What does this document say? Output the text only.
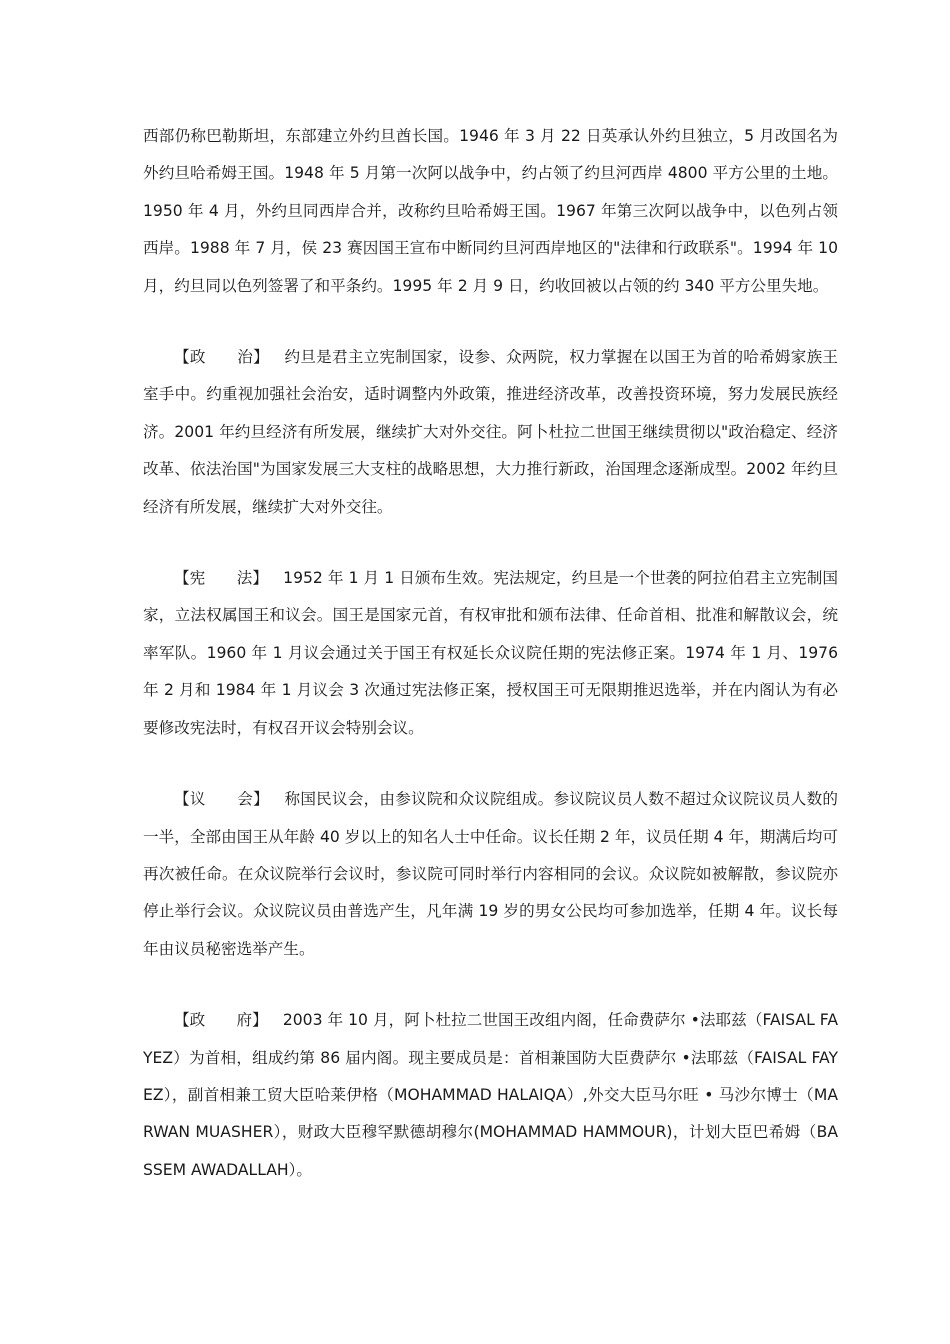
西部仍称巴勒斯坦，东部建立外约旦酋长国。1946 年 3 月 22 日英承认外约旦独立，5 月改国名为外约旦哈希姆王国。1948 年 5 月第一次阿以战争中，约占领了约旦河西岸 4800 平方公里的土地。1950 年 4 月，外约旦同西岸合并，改称约旦哈希姆王国。1967 年第三次阿以战争中，以色列占领西岸。1988 年 7 月，侯 23 赛因国王宣布中断同约旦河西岸地区的"法律和行政联系"。1994 年 10 月，约旦同以色列签署了和平条约。1995 年 2 月 9 日，约收回被以占领的约 340 平方公里失地。

【政　　治】 约旦是君主立宪制国家，设参、众两院，权力掌握在以国王为首的哈希姆家族王室手中。约重视加强社会治安，适时调整内外政策，推进经济改革，改善投资环境，努力发展民族经济。2001 年约旦经济有所发展，继续扩大对外交往。阿卜杜拉二世国王继续贯彻以"政治稳定、经济改革、依法治国"为国家发展三大支柱的战略思想，大力推行新政，治国理念逐渐成型。2002 年约旦经济有所发展，继续扩大对外交往。

【宪　　法】 1952 年 1 月 1 日颁布生效。宪法规定，约旦是一个世袭的阿拉伯君主立宪制国家，立法权属国王和议会。国王是国家元首，有权审批和颁布法律、任命首相、批准和解散议会，统率军队。1960 年 1 月议会通过关于国王有权延长众议院任期的宪法修正案。1974 年 1 月、1976 年 2 月和 1984 年 1 月议会 3 次通过宪法修正案，授权国王可无限期推迟选举，并在内阁认为有必要修改宪法时，有权召开议会特别会议。

【议　　会】 称国民议会，由参议院和众议院组成。参议院议员人数不超过众议院议员人数的一半，全部由国王从年龄 40 岁以上的知名人士中任命。议长任期 2 年，议员任期 4 年，期满后均可再次被任命。在众议院举行会议时，参议院可同时举行内容相同的会议。众议院如被解散，参议院亦停止举行会议。众议院议员由普选产生，凡年满 19 岁的男女公民均可参加选举，任期 4 年。议长每年由议员秘密选举产生。

【政　　府】 2003 年 10 月，阿卜杜拉二世国王改组内阁，任命费萨尔 •法耶兹（FAISAL FAYEZ）为首相，组成约第 86 届内阁。现主要成员是：首相兼国防大臣费萨尔 •法耶兹（FAISAL FAYEZ），副首相兼工贸大臣哈莱伊格（MOHAMMAD HALAIQA）,外交大臣马尔旺 • 马沙尔博士（MARWAN MUASHER），财政大臣穆罕默德胡穆尔(MOHAMMAD HAMMOUR)，计划大臣巴希姆（BASSEM AWADALLAH）。
